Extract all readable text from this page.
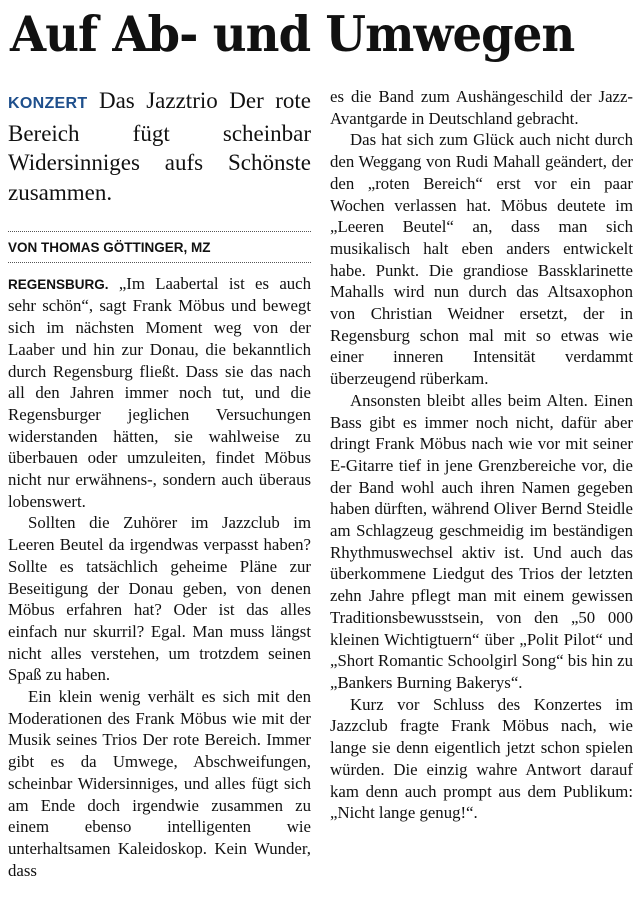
Auf Ab- und Umwegen

KONZERT Das Jazztrio Der rote Bereich fügt scheinbar Widersinniges aufs Schönste zusammen.

VON THOMAS GÖTTINGER, MZ

REGENSBURG. „Im Laabertal ist es auch sehr schön“, sagt Frank Möbus und bewegt sich im nächsten Moment weg von der Laaber und hin zur Donau, die bekanntlich durch Regensburg fließt. Dass sie das nach all den Jahren immer noch tut, und die Regensburger jeglichen Versuchungen widerstanden hätten, sie wahlweise zu überbauen oder umzuleiten, findet Möbus nicht nur erwähnens-, sondern auch überaus lobenswert.

Sollten die Zuhörer im Jazzclub im Leeren Beutel da irgendwas verpasst haben? Sollte es tatsächlich geheime Pläne zur Beseitigung der Donau geben, von denen Möbus erfahren hat? Oder ist das alles einfach nur skurril? Egal. Man muss längst nicht alles verstehen, um trotzdem seinen Spaß zu haben.

Ein klein wenig verhält es sich mit den Moderationen des Frank Möbus wie mit der Musik seines Trios Der rote Bereich. Immer gibt es da Umwege, Abschweifungen, scheinbar Widersinniges, und alles fügt sich am Ende doch irgendwie zusammen zu einem ebenso intelligenten wie unterhaltsamen Kaleidoskop. Kein Wunder, dass

es die Band zum Aushängeschild der Jazz-Avantgarde in Deutschland gebracht.

Das hat sich zum Glück auch nicht durch den Weggang von Rudi Mahall geändert, der den „roten Bereich“ erst vor ein paar Wochen verlassen hat. Möbus deutete im „Leeren Beutel“ an, dass man sich musikalisch halt eben anders entwickelt habe. Punkt. Die grandiose Bassklarinette Mahalls wird nun durch das Altsaxophon von Christian Weidner ersetzt, der in Regensburg schon mal mit so etwas wie einer inneren Intensität verdammt überzeugend rüberkam.

Ansonsten bleibt alles beim Alten. Einen Bass gibt es immer noch nicht, dafür aber dringt Frank Möbus nach wie vor mit seiner E-Gitarre tief in jene Grenzbereiche vor, die der Band wohl auch ihren Namen gegeben haben dürften, während Oliver Bernd Steidle am Schlagzeug geschmeidig im beständigen Rhythmuswechsel aktiv ist. Und auch das überkommene Liedgut des Trios der letzten zehn Jahre pflegt man mit einem gewissen Traditionsbewusstsein, von den „50 000 kleinen Wichtigtuern“ über „Polit Pilot“ und „Short Romantic Schoolgirl Song“ bis hin zu „Bankers Burning Bakerys“.

Kurz vor Schluss des Konzertes im Jazzclub fragte Frank Möbus nach, wie lange sie denn eigentlich jetzt schon spielen würden. Die einzig wahre Antwort darauf kam denn auch prompt aus dem Publikum: „Nicht lange genug!“.
